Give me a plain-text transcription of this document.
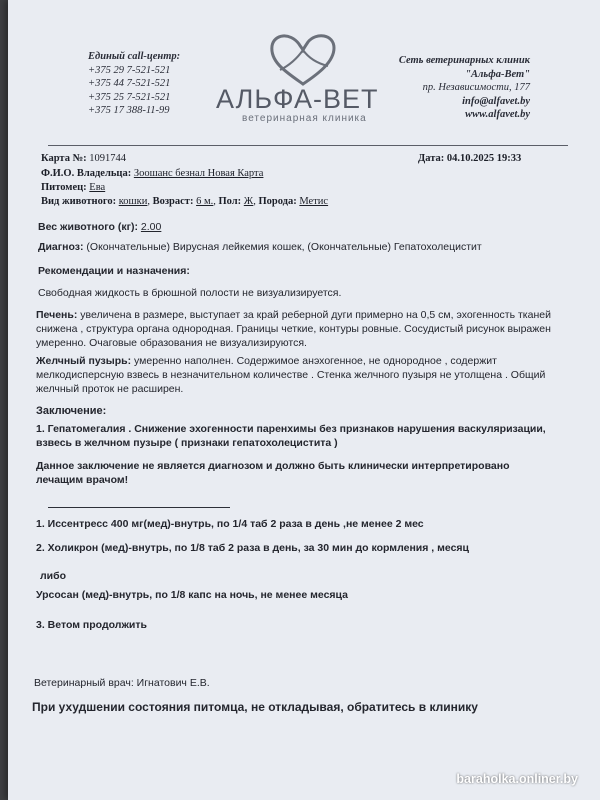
Единый call-центр:
+375 29 7-521-521
+375 44 7-521-521
+375 25 7-521-521
+375 17 388-11-99	АЛЬФА-ВЕТ
ветеринарная клиника
Сеть ветеринарных клиник
"Альфа-Вет"
пр. Независимости, 177
info@alfavet.by
www.alfavet.by
Карта №: 1091744	Дата: 04.10.2025 19:33
Ф.И.О. Владельца: Зоошанс безнал Новая Карта
Питомец: Ева
Вид животного: кошки, Возраст: 6 м., Пол: Ж, Порода: Метис
Вес животного (кг): 2.00
Диагноз: (Окончательные) Вирусная лейкемия кошек, (Окончательные) Гепатохолецистит
Рекомендации и назначения:
Свободная жидкость в брюшной полости не визуализируется.
Печень: увеличена в размере, выступает за край реберной дуги примерно на 0,5 см, эхогенность тканей снижена , структура органа однородная. Границы четкие, контуры ровные. Сосудистый рисунок выражен умеренно. Очаговые образования не визуализируются.
Желчный пузырь: умеренно наполнен. Содержимое анэхогенное, не однородное , содержит мелкодисперсную взвесь в незначительном количестве . Стенка желчного пузыря не утолщена . Общий желчный проток не расширен.
Заключение:
1. Гепатомегалия . Снижение эхогенности паренхимы без признаков нарушения васкуляризации, взвесь в желчном пузыре ( признаки гепатохолецистита )
Данное заключение не является диагнозом и должно быть клинически интерпретировано лечащим врачом!
1. Иссентресс 400 мг(мед)-внутрь, по 1/4 таб 2 раза в день ,не менее 2 мес
2. Холикрон (мед)-внутрь, по 1/8 таб 2 раза в день, за 30 мин до кормления , месяц
либо
Урсосан (мед)-внутрь, по 1/8 капс на ночь, не менее месяца
3. Ветом продолжить
Ветеринарный врач: Игнатович Е.В.
При ухудшении состояния питомца, не откладывая, обратитесь в клинику
baraholka.onliner.by
